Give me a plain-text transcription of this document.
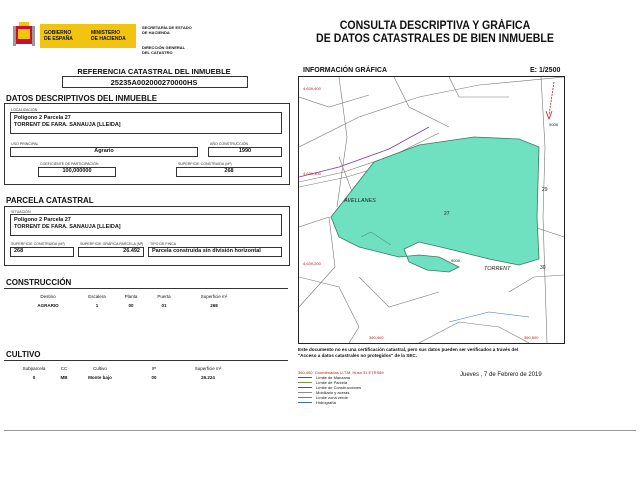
GOBIERNO
DE ESPAÑA
MINISTERIO
DE HACIENDA
SECRETARÍA DE ESTADO
DE HACIENDA
DIRECCIÓN GENERAL
DEL CATASTRO
CONSULTA DESCRIPTIVA Y GRÁFICA
DE DATOS CATASTRALES DE BIEN INMUEBLE
REFERENCIA CATASTRAL DEL INMUEBLE
25235A002000270000HS
DATOS DESCRIPTIVOS DEL INMUEBLE
LOCALIZACIÓN
Polígono 2 Parcela 27
TORRENT DE FARA. SANAUJA [LLEIDA]
USO PRINCIPAL
Agrario
AÑO CONSTRUCCIÓN
1990
COEFICIENTE DE PARTICIPACIÓN
100,000000
SUPERFICIE CONSTRUIDA (M²)
268
PARCELA CATASTRAL
SITUACIÓN
Polígono 2 Parcela 27
TORRENT DE FARA. SANAUJA [LLEIDA]
SUPERFICIE CONSTRUIDA (M²)
268
SUPERFICIE GRÁFICA PARCELA (M²)
26.492
TIPO DE FINCA
Parcela construida sin división horizontal
CONSTRUCCIÓN
Destino	Escalera	Planta	Puerta	Superficie m²
AGRARIO	1	00	01	268
CULTIVO
Subparcela	CC	Cultivo	IP	Superficie m²
0	MB	Monte bajo	00	26.224
INFORMACIÓN GRÁFICA	E: 1/2500
4,639,400
4,639,300
4,639,200
360,400	360,500
AVELLANES
TORRENT
27
29
30
9009
9008
Este documento no es una certificación catastral, pero sus datos pueden ser verificados a través del
"Acceso a datos catastrales no protegidos" de la SEC.
Jueves , 7 de Febrero de 2019
360,400 Coordenadas U.T.M. Huso 31 ETRS89
Límite de Manzana
Límite de Parcela
Límite de Construcciones
Mobiliario y aceras
Límite zona verde
Hidrografía
